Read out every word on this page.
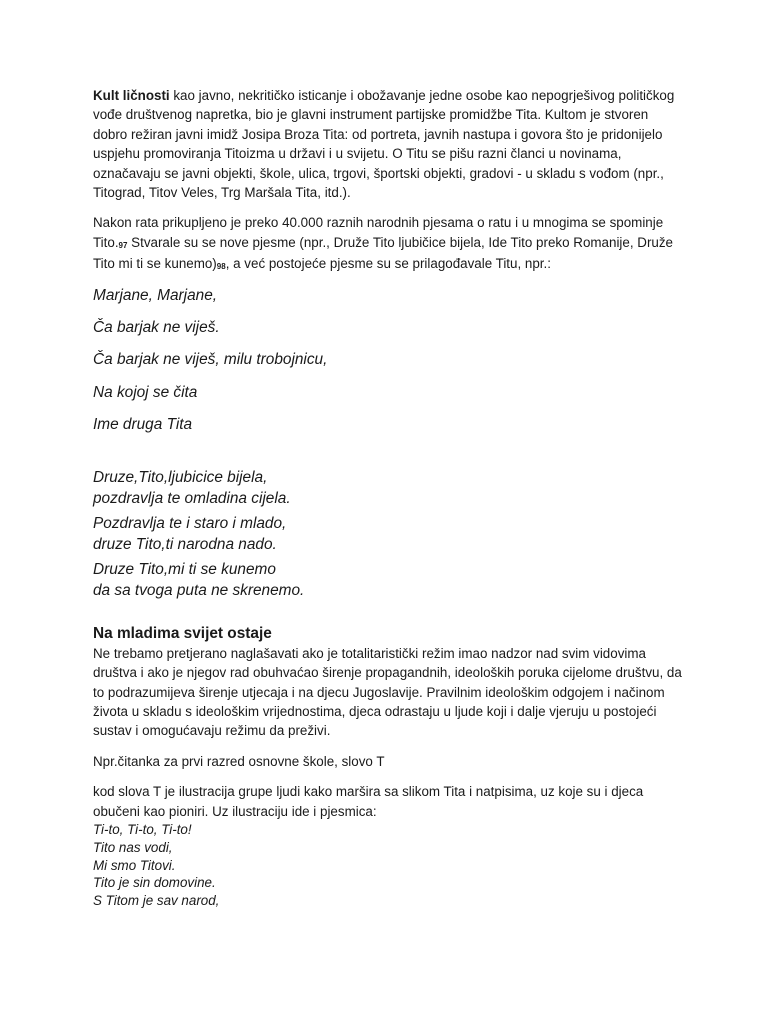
Kult ličnosti kao javno, nekritičko isticanje i obožavanje jedne osobe kao nepogrješivog političkog vođe društvenog napretka, bio je glavni instrument partijske promidžbe Tita. Kultom je stvoren dobro režiran javni imidž Josipa Broza Tita: od portreta, javnih nastupa i govora što je pridonijelo uspjehu promoviranja Titoizma u državi i u svijetu. O Titu se pišu razni članci u novinama, označavaju se javni objekti, škole, ulica, trgovi, športski objekti, gradovi - u skladu s vođom (npr., Titograd, Titov Veles, Trg Maršala Tita, itd.).

Nakon rata prikupljeno je preko 40.000 raznih narodnih pjesama o ratu i u mnogima se spominje Tito.97 Stvarale su se nove pjesme (npr., Druže Tito ljubičice bijela, Ide Tito preko Romanije, Druže Tito mi ti se kunemo)98, a već postojeće pjesme su se prilagođavale Titu, npr.:

Marjane, Marjane,

Ča barjak ne viješ.

Ča barjak ne viješ, milu trobojnicu,

Na kojoj se čita

Ime druga Tita

Druze,Tito,ljubicice bijela,
pozdravlja te omladina cijela.

Pozdravlja te i staro i mlado,
druze Tito,ti narodna nado.

Druze Tito,mi ti se kunemo
da sa tvoga puta ne skrenemo.

Na mladima svijet ostaje

Ne trebamo pretjerano naglašavati ako je totalitaristički režim imao nadzor nad svim vidovima društva i ako je njegov rad obuhvaćao širenje propagandnih, ideoloških poruka cijelome društvu, da to podrazumijeva širenje utjecaja i na djecu Jugoslavije. Pravilnim ideološkim odgojem i načinom života u skladu s ideološkim vrijednostima, djeca odrastaju u ljude koji i dalje vjeruju u postojeći sustav i omogućavaju režimu da preživi.

Npr.čitanka za prvi razred osnovne škole, slovo T

kod slova T je ilustracija grupe ljudi kako maršira sa slikom Tita i natpisima, uz koje su i djeca obučeni kao pioniri. Uz ilustraciju ide i pjesmica:

Ti-to, Ti-to, Ti-to!
Tito nas vodi,
Mi smo Titovi.
Tito je sin domovine.
S Titom je sav narod,
